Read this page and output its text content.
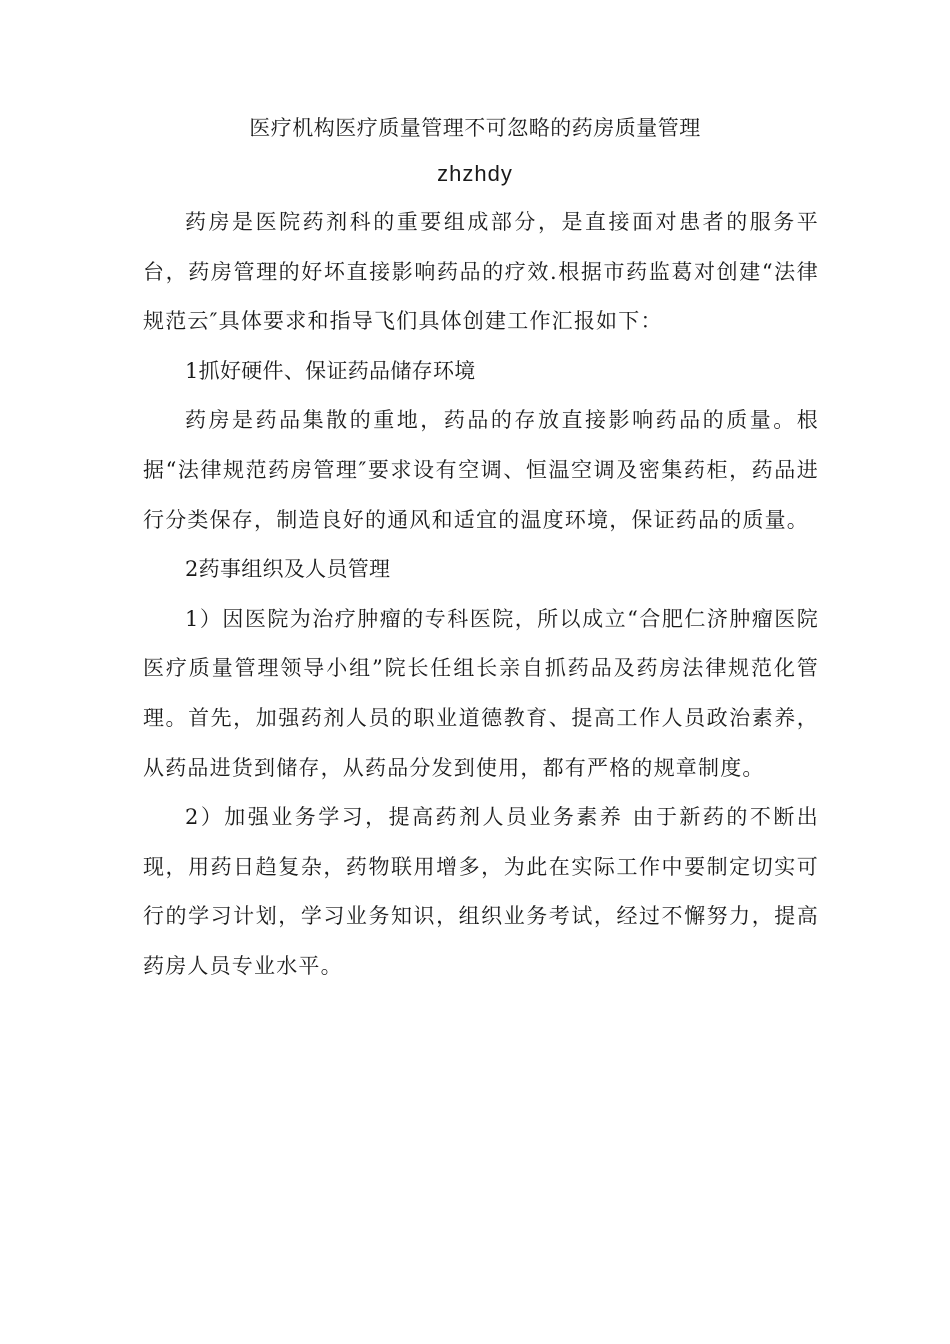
医疗机构医疗质量管理不可忽略的药房质量管理
zhzhdy

药房是医院药剂科的重要组成部分，是直接面对患者的服务平台，药房管理的好坏直接影响药品的疗效.根据市药监葛对创建“法律规范云″具体要求和指导飞们具体创建工作汇报如下：

1抓好硬件、保证药品储存环境

药房是药品集散的重地，药品的存放直接影响药品的质量。根据“法律规范药房管理″要求设有空调、恒温空调及密集药柜，药品进行分类保存，制造良好的通风和适宜的温度环境，保证药品的质量。

2药事组织及人员管理

1）因医院为治疗肿瘤的专科医院，所以成立“合肥仁济肿瘤医院医疗质量管理领导小组”院长任组长亲自抓药品及药房法律规范化管理。首先，加强药剂人员的职业道德教育、提高工作人员政治素养，从药品进货到储存，从药品分发到使用，都有严格的规章制度。

2）加强业务学习，提高药剂人员业务素养 由于新药的不断出现，用药日趋复杂，药物联用增多，为此在实际工作中要制定切实可行的学习计划，学习业务知识，组织业务考试，经过不懈努力，提高药房人员专业水平。
